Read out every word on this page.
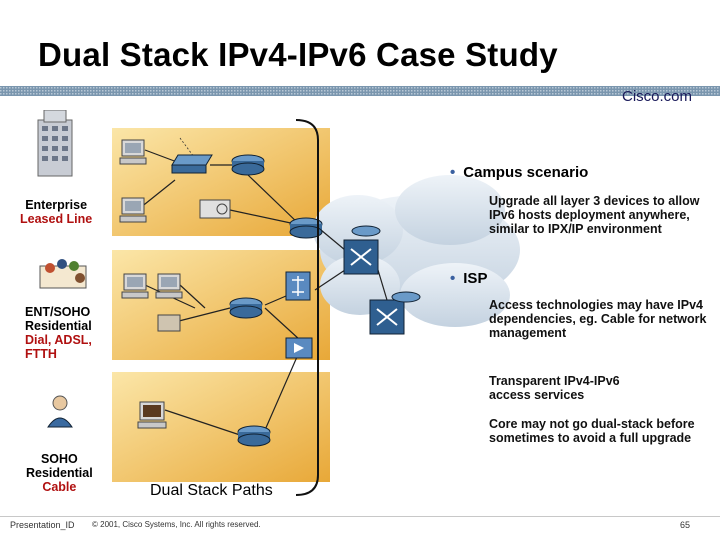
Dual Stack IPv4-IPv6 Case Study
Cisco.com
Enterprise
Leased Line
ENT/SOHO
Residential
Dial, ADSL,
FTTH
SOHO
Residential
Cable	Dual Stack Paths
• Campus scenario
Upgrade all layer 3 devices to allow IPv6 hosts deployment anywhere, similar to IPX/IP environment
• ISP
Access technologies may have IPv4 dependencies, eg. Cable for network management
Transparent IPv4-IPv6 access services
Core may not go dual-stack before sometimes to avoid a full upgrade
Presentation_ID © 2001, Cisco Systems, Inc. All rights reserved.	65
